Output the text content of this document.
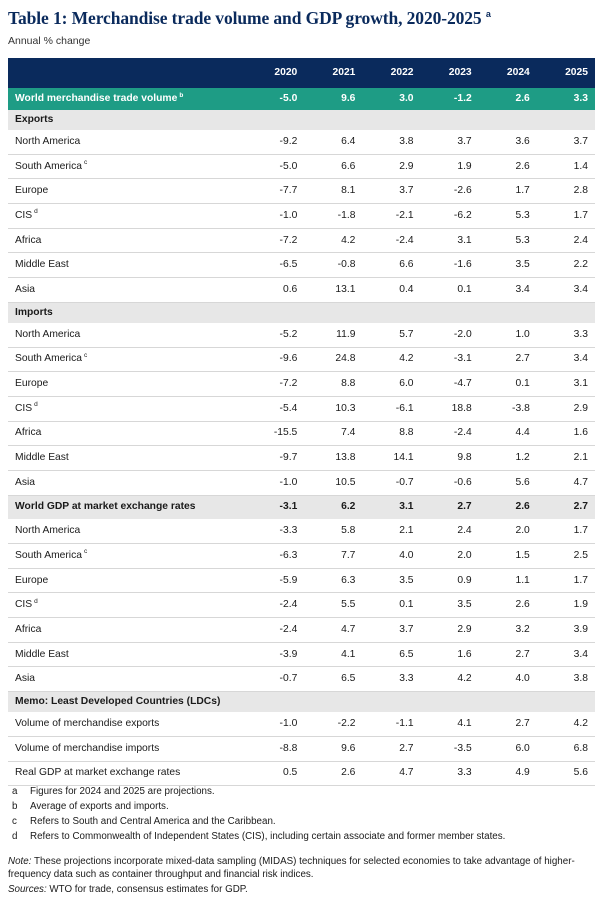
Table 1: Merchandise trade volume and GDP growth, 2020-2025 $^a$
Annual % change
	2020	2021	2022	2023	2024	2025
World merchandise trade volume $^b$	-5.0	9.6	3.0	-1.2	2.6	3.3
Exports						
North America	-9.2	6.4	3.8	3.7	3.6	3.7
South America $^c$	-5.0	6.6	2.9	1.9	2.6	1.4
Europe	-7.7	8.1	3.7	-2.6	1.7	2.8
CIS $^d$	-1.0	-1.8	-2.1	-6.2	5.3	1.7
Africa	-7.2	4.2	-2.4	3.1	5.3	2.4
Middle East	-6.5	-0.8	6.6	-1.6	3.5	2.2
Asia	0.6	13.1	0.4	0.1	3.4	3.4
Imports						
North America	-5.2	11.9	5.7	-2.0	1.0	3.3
South America $^c$	-9.6	24.8	4.2	-3.1	2.7	3.4
Europe	-7.2	8.8	6.0	-4.7	0.1	3.1
CIS $^d$	-5.4	10.3	-6.1	18.8	-3.8	2.9
Africa	-15.5	7.4	8.8	-2.4	4.4	1.6
Middle East	-9.7	13.8	14.1	9.8	1.2	2.1
Asia	-1.0	10.5	-0.7	-0.6	5.6	4.7
World GDP at market exchange rates	-3.1	6.2	3.1	2.7	2.6	2.7
North America	-3.3	5.8	2.1	2.4	2.0	1.7
South America $^c$	-6.3	7.7	4.0	2.0	1.5	2.5
Europe	-5.9	6.3	3.5	0.9	1.1	1.7
CIS $^d$	-2.4	5.5	0.1	3.5	2.6	1.9
Africa	-2.4	4.7	3.7	2.9	3.2	3.9
Middle East	-3.9	4.1	6.5	1.6	2.7	3.4
Asia	-0.7	6.5	3.3	4.2	4.0	3.8
Memo: Least Developed Countries (LDCs)						
Volume of merchandise exports	-1.0	-2.2	-1.1	4.1	2.7	4.2
Volume of merchandise imports	-8.8	9.6	2.7	-3.5	6.0	6.8
Real GDP at market exchange rates	0.5	2.6	4.7	3.3	4.9	5.6
a	Figures for 2024 and 2025 are projections.
b	Average of exports and imports.
c	Refers to South and Central America and the Caribbean.
d	Refers to Commonwealth of Independent States (CIS), including certain associate and former member states.
Note: These projections incorporate mixed-data sampling (MIDAS) techniques for selected economies to take advantage of higher-frequency data such as container throughput and financial risk indices.
Sources: WTO for trade, consensus estimates for GDP.
